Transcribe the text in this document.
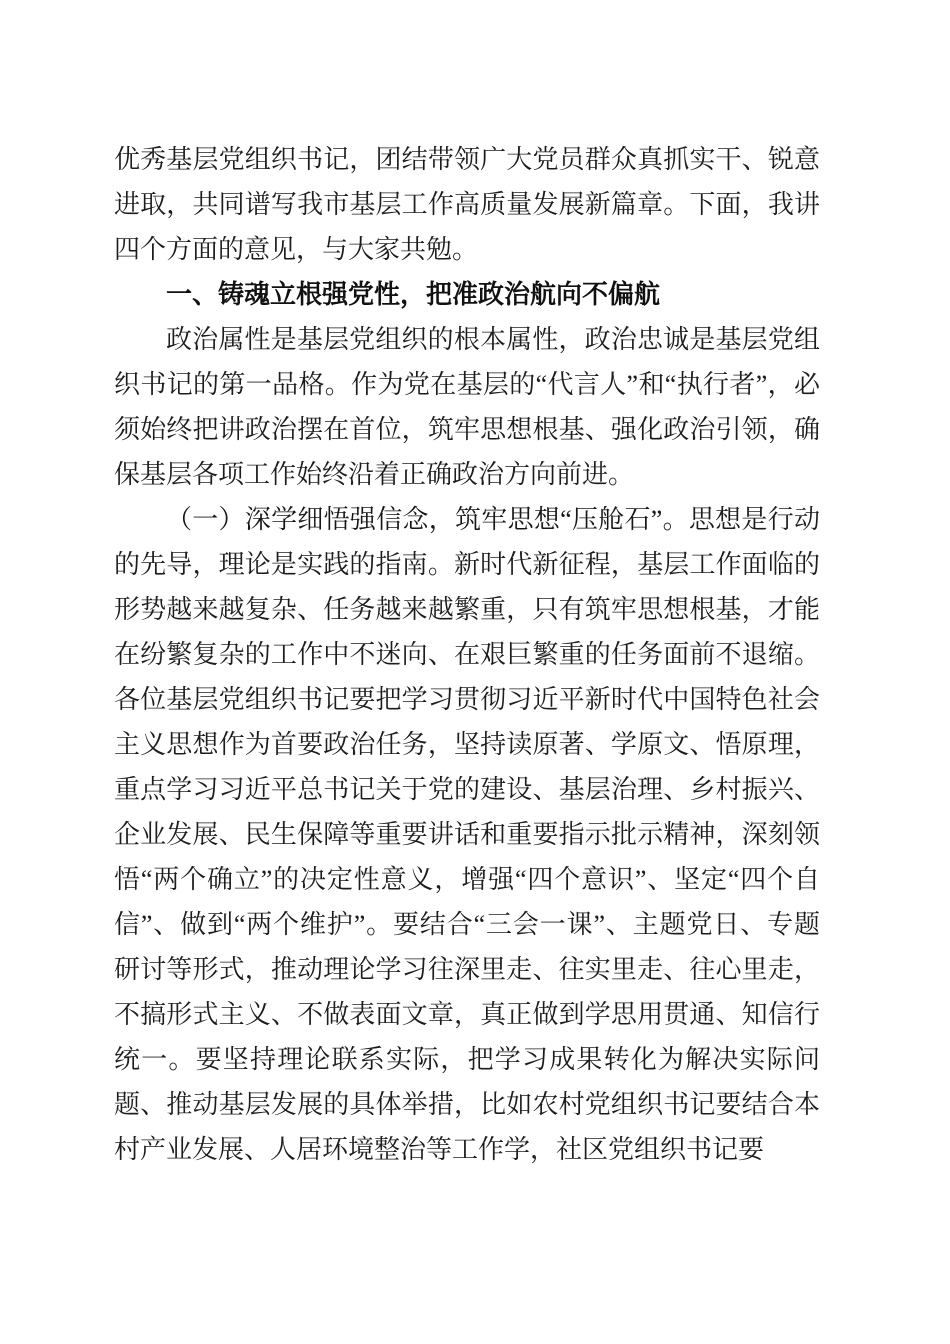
优秀基层党组织书记，团结带领广大党员群众真抓实干、锐意进取，共同谱写我市基层工作高质量发展新篇章。下面，我讲四个方面的意见，与大家共勉。

一、铸魂立根强党性，把准政治航向不偏航

政治属性是基层党组织的根本属性，政治忠诚是基层党组织书记的第一品格。作为党在基层的“代言人”和“执行者”，必须始终把讲政治摆在首位，筑牢思想根基、强化政治引领，确保基层各项工作始终沿着正确政治方向前进。

（一）深学细悟强信念，筑牢思想“压舱石”。思想是行动的先导，理论是实践的指南。新时代新征程，基层工作面临的形势越来越复杂、任务越来越繁重，只有筑牢思想根基，才能在纷繁复杂的工作中不迷向、在艰巨繁重的任务面前不退缩。各位基层党组织书记要把学习贯彻习近平新时代中国特色社会主义思想作为首要政治任务，坚持读原著、学原文、悟原理，重点学习习近平总书记关于党的建设、基层治理、乡村振兴、企业发展、民生保障等重要讲话和重要指示批示精神，深刻领悟“两个确立”的决定性意义，增强“四个意识”、坚定“四个自信”、做到“两个维护”。要结合“三会一课”、主题党日、专题研讨等形式，推动理论学习往深里走、往实里走、往心里走，不搞形式主义、不做表面文章，真正做到学思用贯通、知信行统一。要坚持理论联系实际，把学习成果转化为解决实际问题、推动基层发展的具体举措，比如农村党组织书记要结合本村产业发展、人居环境整治等工作学，社区党组织书记要
